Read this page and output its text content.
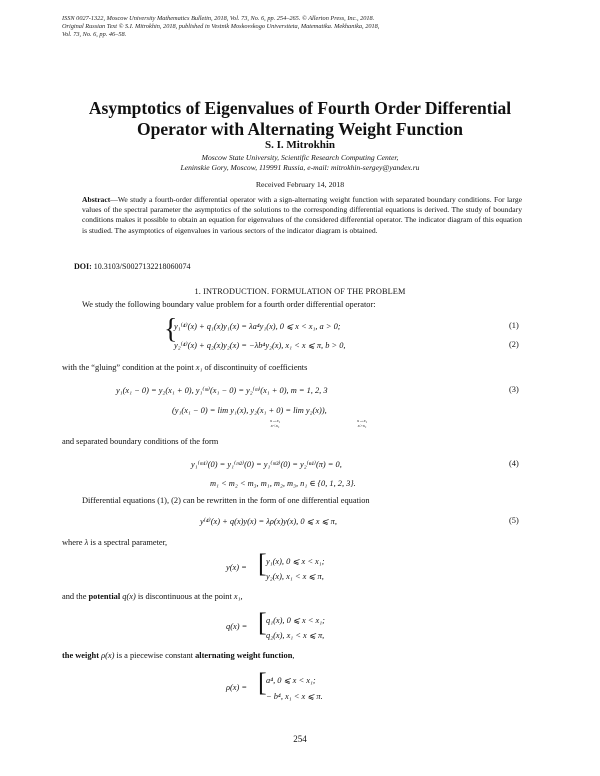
ISSN 0027-1322, Moscow University Mathematics Bulletin, 2018, Vol. 73, No. 6, pp. 254–265. © Allerton Press, Inc., 2018.
Original Russian Text © S.I. Mitrokhin, 2018, published in Vestnik Moskovskogo Universiteta, Matematika. Mekhanika, 2018,
Vol. 73, No. 6, pp. 46–58.
Asymptotics of Eigenvalues of Fourth Order Differential
Operator with Alternating Weight Function
S. I. Mitrokhin
Moscow State University, Scientific Research Computing Center,
Leninskie Gory, Moscow, 119991 Russia, e-mail: mitrokhin-sergey@yandex.ru
Received February 14, 2018
Abstract—We study a fourth-order differential operator with a sign-alternating weight function with separated boundary conditions. For large values of the spectral parameter the asymptotics of the solutions to the corresponding differential equations is derived. The study of boundary conditions makes it possible to obtain an equation for eigenvalues of the considered differential operator. The indicator diagram of this equation is studied. The asymptotics of eigenvalues in various sectors of the indicator diagram is obtained.
DOI: 10.3103/S0027132218060074
1. INTRODUCTION. FORMULATION OF THE PROBLEM
We study the following boundary value problem for a fourth order differential operator:
{
y₁⁽⁴⁾(x) + q₁(x)y₁(x) = λa⁴y₁(x), 0 ⩽ x < x₁, a > 0;
y₂⁽⁴⁾(x) + q₂(x)y₂(x) = −λb⁴y₂(x), x₁ < x ⩽ π, b > 0,
(1)
(2)
with the “gluing” condition at the point x₁ of discontinuity of coefficients
y₁(x₁ − 0) = y₂(x₁ + 0), y₁⁽ᵐ⁾(x₁ − 0) = y₂⁽ᵐ⁾(x₁ + 0), m = 1, 2, 3	(3)
(y₁(x₁ − 0) = lim y₁(x), y₂(x₁ + 0) = lim y₂(x)),
x→x₁
x<x₁
x→x₁
x>x₁
and separated boundary conditions of the form
y₁⁽ᵐ¹⁾(0) = y₁⁽ᵐ²⁾(0) = y₁⁽ᵐ³⁾(0) = y₂⁽ⁿ¹⁾(π) = 0,	(4)
m₁ < m₂ < m₃, m₁, m₂, m₃, n₁ ∈ {0, 1, 2, 3}.
Differential equations (1), (2) can be rewritten in the form of one differential equation
y⁽⁴⁾(x) + q(x)y(x) = λρ(x)y(x), 0 ⩽ x ⩽ π,	(5)
where λ is a spectral parameter,
y(x) = [ y₁(x), 0 ⩽ x < x₁;
y₂(x), x₁ < x ⩽ π,
and the potential q(x) is discontinuous at the point x₁,
q(x) = [ q₁(x), 0 ⩽ x < x₁;
q₂(x), x₁ < x ⩽ π,
the weight ρ(x) is a piecewise constant alternating weight function,
ρ(x) = [ a⁴, 0 ⩽ x < x₁;
− b⁴, x₁ < x ⩽ π.
254
